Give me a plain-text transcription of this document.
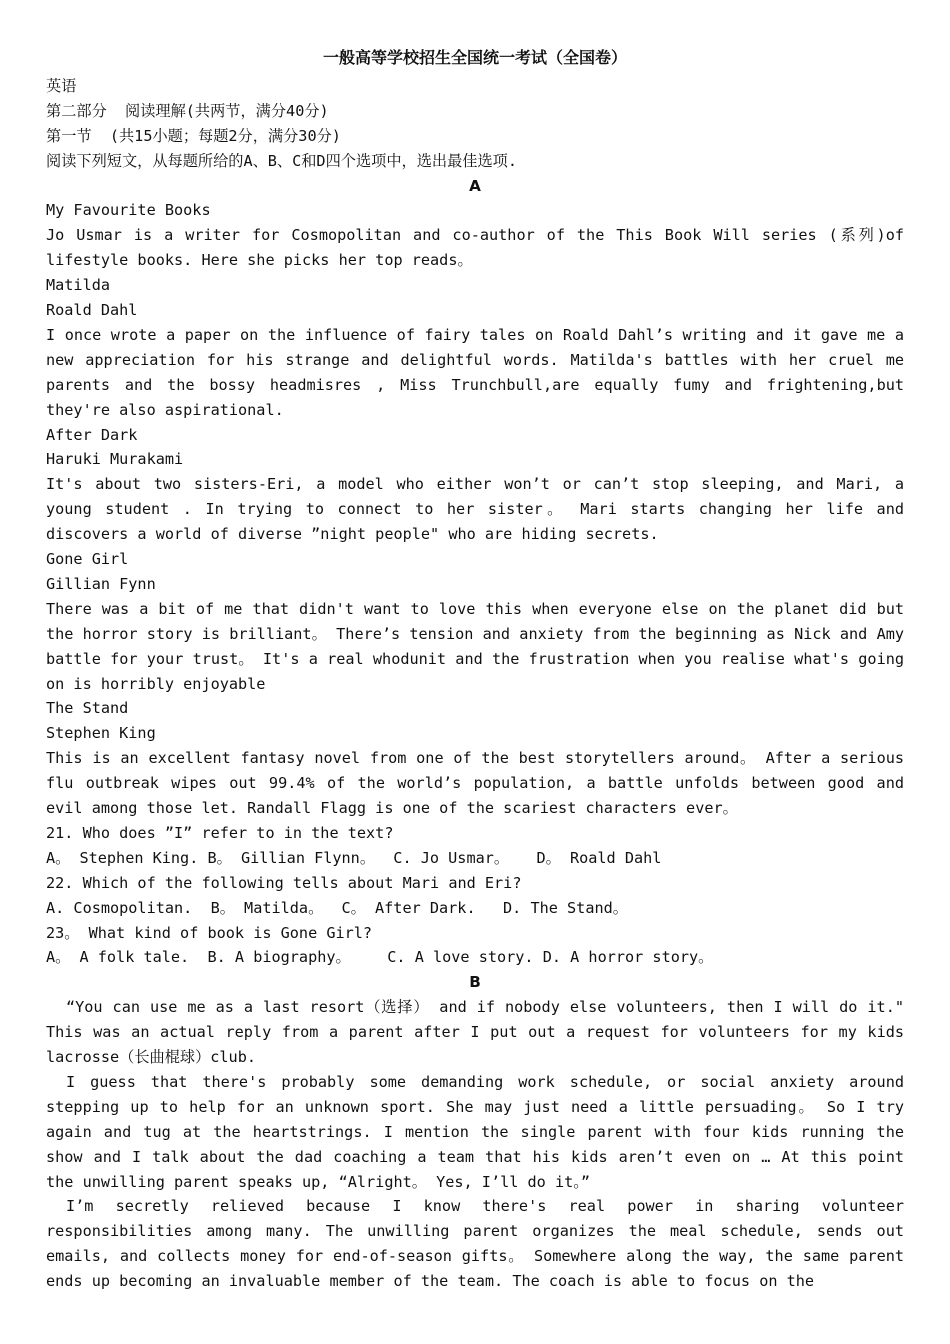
一般高等学校招生全国统一考试（全国卷）
英语
第二部分  阅读理解(共两节，满分40分)
第一节  (共15小题；每题2分，满分30分)
阅读下列短文，从每题所给的A、B、C和D四个选项中，选出最佳选项.
A
My Favourite Books
Jo Usmar is a writer for Cosmopolitan and co-author of the This Book Will series (系列)of lifestyle books. Here she picks her top reads。
Matilda
Roald Dahl
I once wrote a paper on the influence of fairy tales on Roald Dahl’s writing and it gave me a new appreciation for his strange and delightful words. Matilda's battles with her cruel me parents and the bossy headmisres , Miss Trunchbull,are equally fumy and frightening,but they're also aspirational.
After Dark
Haruki Murakami
It's about two sisters-Eri, a model who either won’t or can’t stop sleeping, and Mari, a young student . In trying to connect to her sister。 Mari starts changing her life and discovers a world of diverse ”night people" who are hiding secrets.
Gone Girl
Gillian Fynn
There was a bit of me that didn't want to love this when everyone else on the planet did but the horror story is brilliant。 There’s tension and anxiety from the beginning as Nick and Amy battle for your trust。 It's a real whodunit and the frustration when you realise what's going on is horribly enjoyable
The Stand
Stephen King
This is an excellent fantasy novel from one of the best storytellers around。 After a serious flu outbreak wipes out 99.4% of the world’s population, a battle unfolds between good and evil among those let. Randall Flagg is one of the scariest characters ever。
21. Who does ”I” refer to in the text?
A。 Stephen King. B。 Gillian Flynn。  C. Jo Usmar。   D。 Roald Dahl
22. Which of the following tells about Mari and Eri?
A. Cosmopolitan.  B。 Matilda。  C。 After Dark.   D. The Stand。
23。 What kind of book is Gone Girl?
A。 A folk tale.  B. A biography。    C. A love story. D. A horror story。
B
“You can use me as a last resort（选择） and if nobody else volunteers, then I will do it." This was an actual reply from a parent after I put out a request for volunteers for my kids lacrosse（长曲棍球）club.
I guess that there's probably some demanding work schedule, or social anxiety around stepping up to help for an unknown sport. She may just need a little persuading。 So I try again and tug at the heartstrings. I mention the single parent with four kids running the show and I talk about the dad coaching a team that his kids aren’t even on … At this point the unwilling parent speaks up, “Alright。 Yes, I’ll do it。”
I’m secretly relieved because I know there's real power in sharing volunteer responsibilities among many. The unwilling parent organizes the meal schedule, sends out emails, and collects money for end-of-season gifts。 Somewhere along the way, the same parent ends up becoming an invaluable member of the team. The coach is able to focus on the
